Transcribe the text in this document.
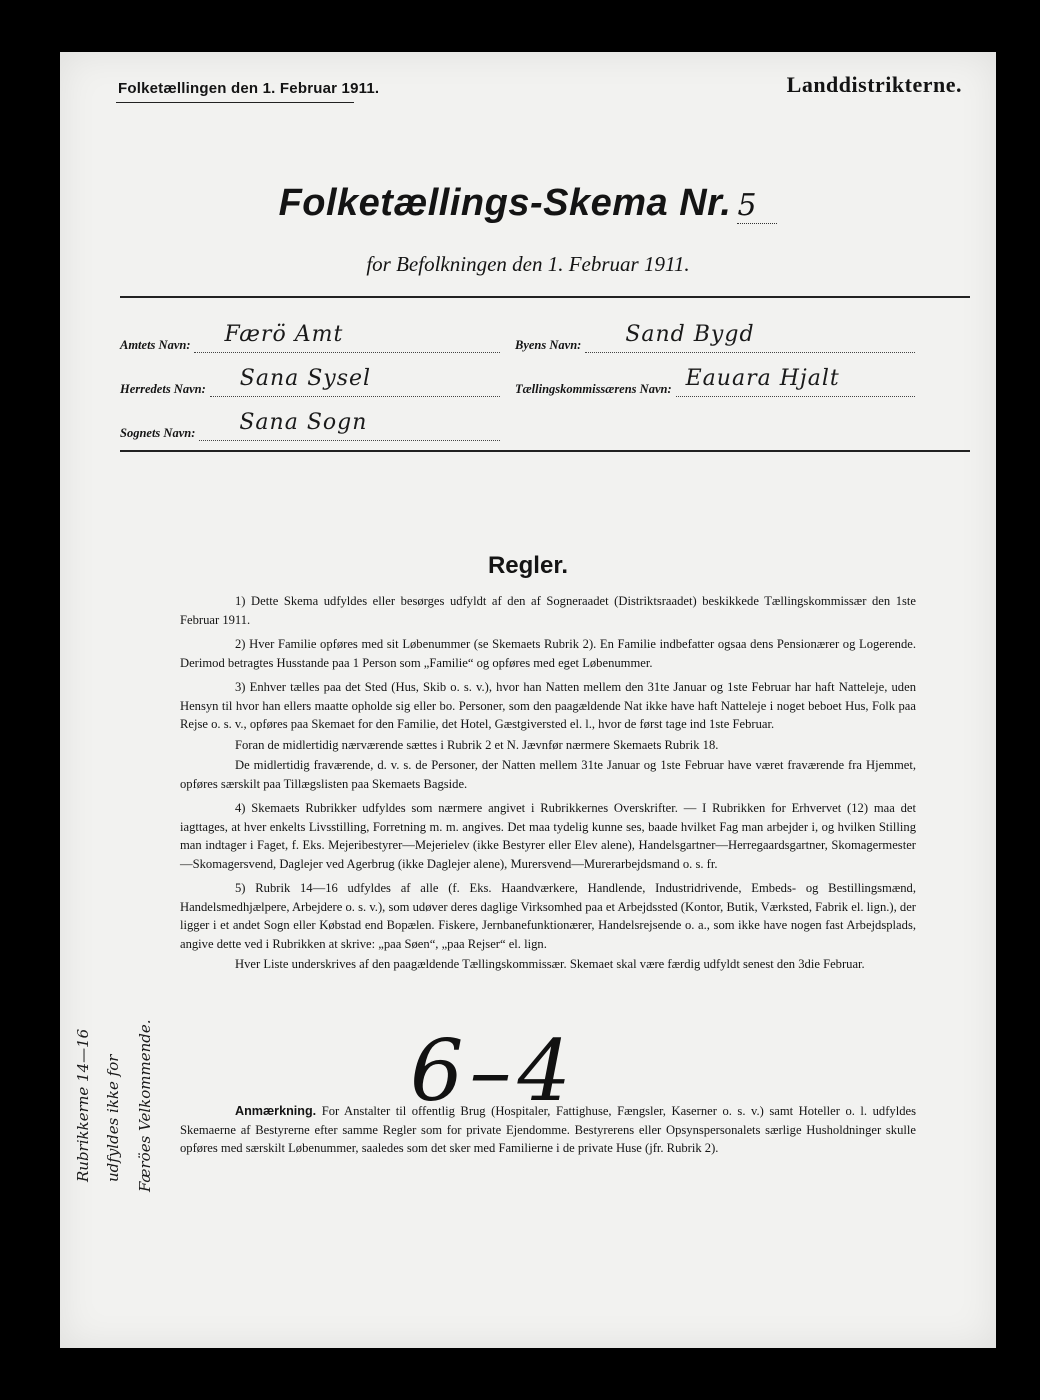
Folketællingen den 1. Februar 1911.	Landdistrikterne.
Folketællings-Skema Nr. 5
for Befolkningen den 1. Februar 1911.
Amtets Navn: Færö Amt
Herredets Navn: Sana Sysel
Sognets Navn: Sana Sogn
Byens Navn: Sand Bygd
Tællingskommissærens Navn: Eauara Hjalt
Regler.

1) Dette Skema udfyldes eller besørges udfyldt af den af Sogneraadet (Distriktsraadet) beskikkede Tællingskommissær den 1ste Februar 1911.

2) Hver Familie opføres med sit Løbenummer (se Skemaets Rubrik 2). En Familie indbefatter ogsaa dens Pensionærer og Logerende. Derimod betragtes Husstande paa 1 Person som „Familie“ og opføres med eget Løbenummer.

3) Enhver tælles paa det Sted (Hus, Skib o. s. v.), hvor han Natten mellem den 31te Januar og 1ste Februar har haft Natteleje, uden Hensyn til hvor han ellers maatte opholde sig eller bo. Personer, som den paagældende Nat ikke have haft Natteleje i noget beboet Hus, Folk paa Rejse o. s. v., opføres paa Skemaet for den Familie, det Hotel, Gæstgiversted el. l., hvor de først tage ind 1ste Februar.

Foran de midlertidig nærværende sættes i Rubrik 2 et N. Jævnfør nærmere Skemaets Rubrik 18.

De midlertidig fraværende, d. v. s. de Personer, der Natten mellem 31te Januar og 1ste Februar have været fraværende fra Hjemmet, opføres særskilt paa Tillægslisten paa Skemaets Bagside.

4) Skemaets Rubrikker udfyldes som nærmere angivet i Rubrikkernes Overskrifter. — I Rubrikken for Erhvervet (12) maa det iagttages, at hver enkelts Livsstilling, Forretning m. m. angives. Det maa tydelig kunne ses, baade hvilket Fag man arbejder i, og hvilken Stilling man indtager i Faget, f. Eks. Mejeribestyrer—Mejerielev (ikke Bestyrer eller Elev alene), Handelsgartner—Herregaardsgartner, Skomagermester—Skomagersvend, Daglejer ved Agerbrug (ikke Daglejer alene), Murersvend—Murerarbejdsmand o. s. fr.

5) Rubrik 14—16 udfyldes af alle (f. Eks. Haandværkere, Handlende, Industridrivende, Embeds- og Bestillingsmænd, Handelsmedhjælpere, Arbejdere o. s. v.), som udøver deres daglige Virksomhed paa et Arbejdssted (Kontor, Butik, Værksted, Fabrik el. lign.), der ligger i et andet Sogn eller Købstad end Bopælen. Fiskere, Jernbanefunktionærer, Handelsrejsende o. a., som ikke have nogen fast Arbejdsplads, angive dette ved i Rubrikken at skrive: „paa Søen“, „paa Rejser“ el. lign.

Hver Liste underskrives af den paagældende Tællingskommissær. Skemaet skal være færdig udfyldt senest den 3die Februar.

Rubrikkerne 14—16 udfyldes ikke for Færöes Velkommende.	6–4

Anmærkning. For Anstalter til offentlig Brug (Hospitaler, Fattighuse, Fængsler, Kaserner o. s. v.) samt Hoteller o. l. udfyldes Skemaerne af Bestyrerne efter samme Regler som for private Ejendomme. Bestyrerens eller Opsynspersonalets særlige Husholdninger skulle opføres med særskilt Løbenummer, saaledes som det sker med Familierne i de private Huse (jfr. Rubrik 2).
